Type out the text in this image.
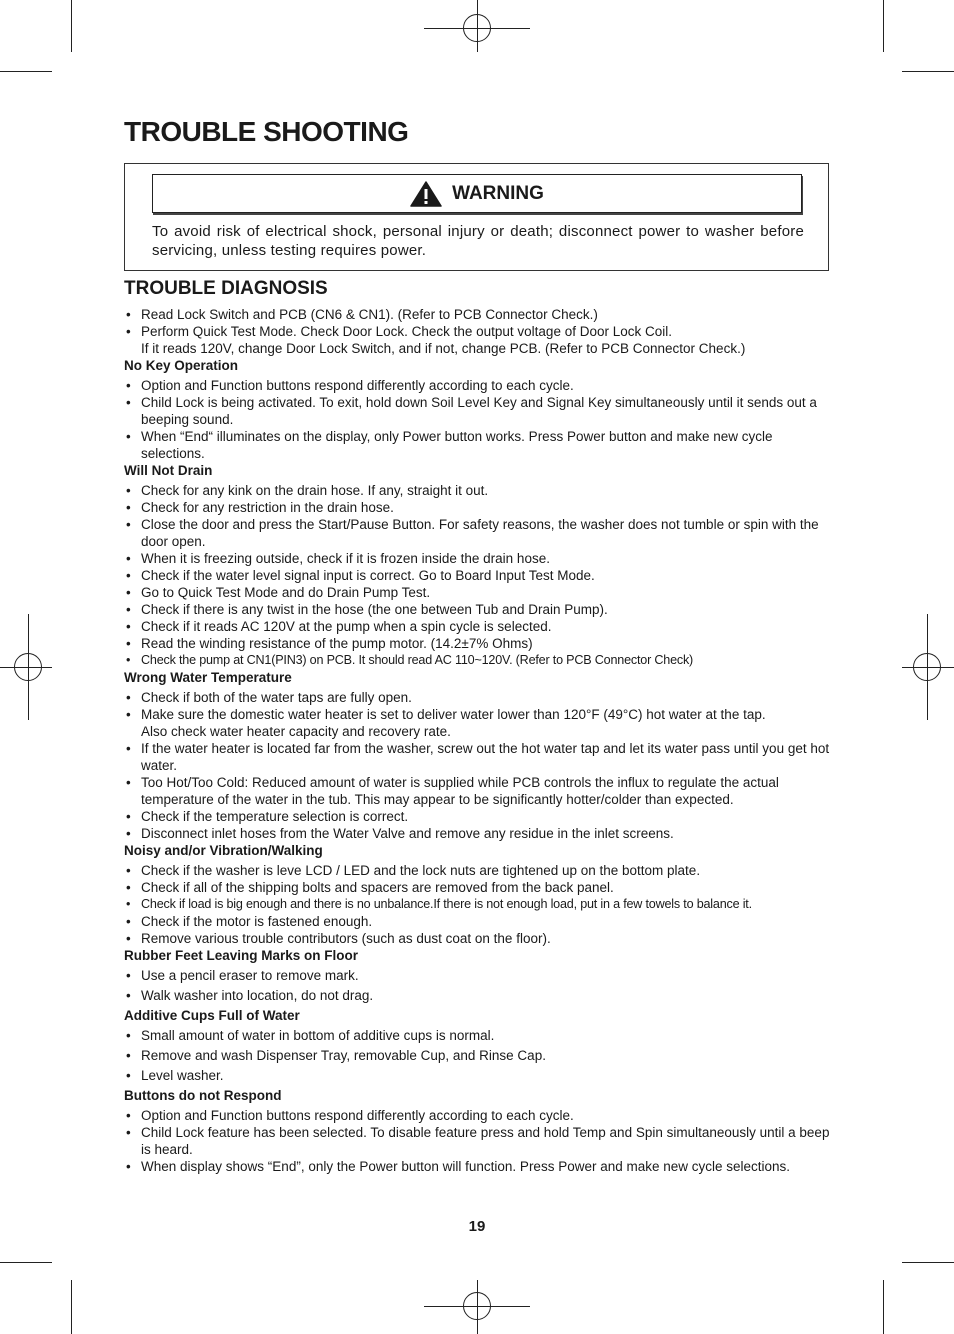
TROUBLE SHOOTING
WARNING
To avoid risk of electrical shock, personal injury or death; disconnect power to washer before servicing, unless testing requires power.
TROUBLE DIAGNOSIS
• Read Lock Switch and PCB (CN6 & CN1). (Refer to PCB Connector Check.)
• Perform Quick Test Mode. Check Door Lock. Check the output voltage of Door Lock Coil.
If it reads 120V, change Door Lock Switch, and if not, change PCB. (Refer to PCB Connector Check.)
No Key Operation
• Option and Function buttons respond differently according to each cycle.
• Child Lock is being activated. To exit, hold down Soil Level Key and Signal Key simultaneously until it sends out a beeping sound.
• When “End“ illuminates on the display, only Power button works. Press Power button and make new cycle selections.
Will Not Drain
• Check for any kink on the drain hose. If any, straight it out.
• Check for any restriction in the drain hose.
• Close the door and press the Start/Pause Button. For safety reasons, the washer does not tumble or spin with the door open.
• When it is freezing outside, check if it is frozen inside the drain hose.
• Check if the water level signal input is correct. Go to Board Input Test Mode.
• Go to Quick Test Mode and do Drain Pump Test.
• Check if there is any twist in the hose (the one between Tub and Drain Pump).
• Check if it reads AC 120V at the pump when a spin cycle is selected.
• Read the winding resistance of the pump motor. (14.2±7% Ohms)
• Check the pump at CN1(PIN3) on PCB. It should read AC 110~120V. (Refer to PCB Connector Check)
Wrong Water Temperature
• Check if both of the water taps are fully open.
• Make sure the domestic water heater is set to deliver water lower than 120°F (49°C) hot water at the tap.
Also check water heater capacity and recovery rate.
• If the water heater is located far from the washer, screw out the hot water tap and let its water pass until you get hot water.
• Too Hot/Too Cold: Reduced amount of water is supplied while PCB controls the influx to regulate the actual temperature of the water in the tub. This may appear to be significantly hotter/colder than expected.
• Check if the temperature selection is correct.
• Disconnect inlet hoses from the Water Valve and remove any residue in the inlet screens.
Noisy and/or Vibration/Walking
• Check if the washer is leve LCD / LED and the lock nuts are tightened up on the bottom plate.
• Check if all of the shipping bolts and spacers are removed from the back panel.
• Check if load is big enough and there is no unbalance.If there is not enough load, put in a few towels to balance it.
• Check if the motor is fastened enough.
• Remove various trouble contributors (such as dust coat on the floor).
Rubber Feet Leaving Marks on Floor
• Use a pencil eraser to remove mark.
• Walk washer into location, do not drag.
Additive Cups Full of Water
• Small amount of water in bottom of additive cups is normal.
• Remove and wash Dispenser Tray, removable Cup, and Rinse Cap.
• Level washer.
Buttons do not Respond
• Option and Function buttons respond differently according to each cycle.
• Child Lock feature has been selected. To disable feature press and hold Temp and Spin simultaneously until a beep is heard.
• When display shows “End”, only the Power button will function. Press Power and make new cycle selections.
19
